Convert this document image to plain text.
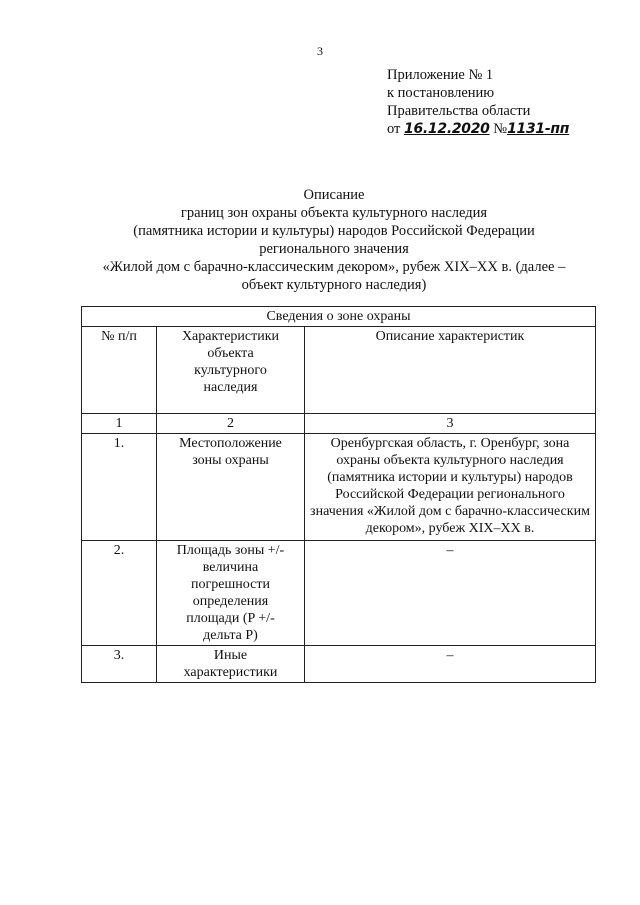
3
Приложение № 1
к постановлению
Правительства области
от 16.12.2020 №1131-пп
Описание
границ зон охраны объекта культурного наследия
(памятника истории и культуры) народов Российской Федерации
регионального значения
«Жилой дом с барачно-классическим декором», рубеж XIX–XX в. (далее –
объект культурного наследия)
Сведения о зоне охраны		
№ п/п	Характеристики объекта культурного наследия	Описание характеристик
1	2	3
1.	Местоположение зоны охраны	Оренбургская область, г. Оренбург, зона охраны объекта культурного наследия (памятника истории и культуры) народов Российской Федерации регионального значения «Жилой дом с барачно-классическим декором», рубеж XIX–XX в.
2.	Площадь зоны +/- величина погрешности определения площади (P +/- дельта P)	–
3.	Иные характеристики	–
